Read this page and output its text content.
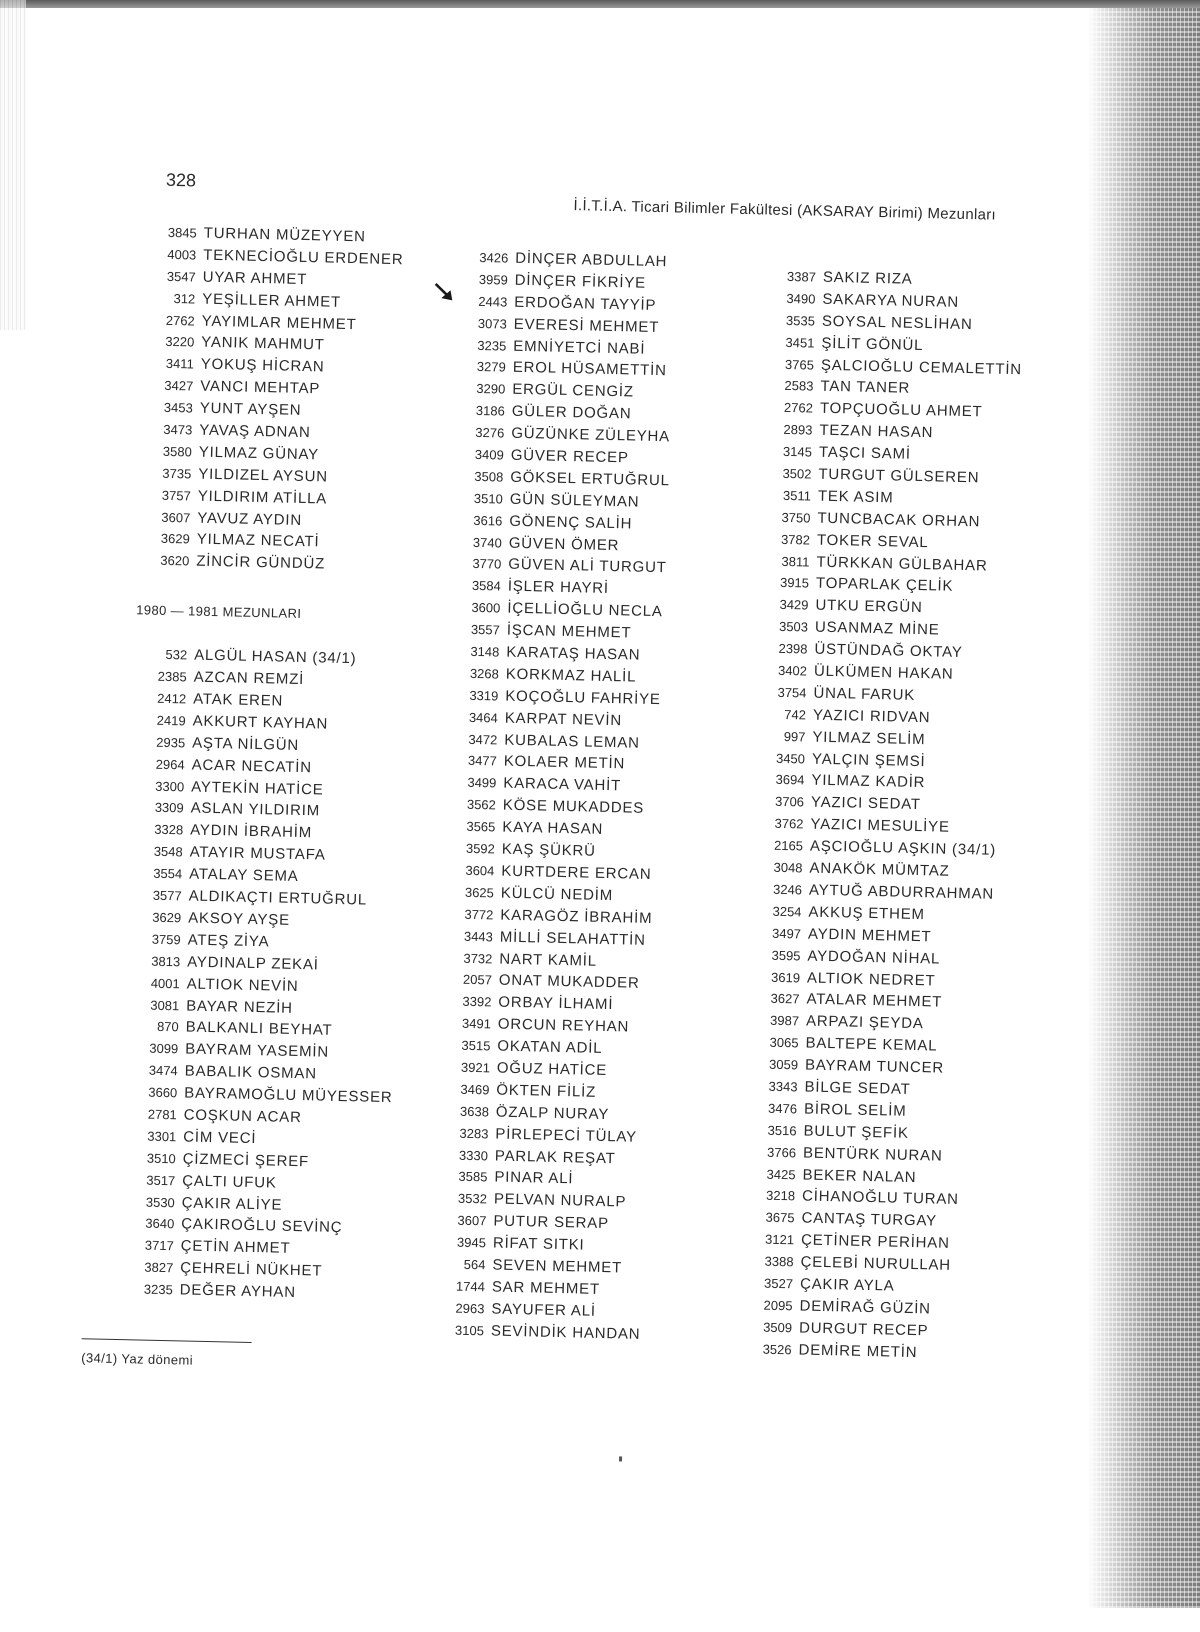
328
İ.İ.T.İ.A. Ticari Bilimler Fakültesi (AKSARAY Birimi) Mezunları
3845 TURHAN MÜZEYYEN
4003 TEKNECİOĞLU ERDENER
3547 UYAR AHMET
312 YEŞİLLER AHMET
2762 YAYIMLAR MEHMET
3220 YANIK MAHMUT
3411 YOKUŞ HİCRAN
3427 VANCI MEHTAP
3453 YUNT AYŞEN
3473 YAVAŞ ADNAN
3580 YILMAZ GÜNAY
3735 YILDIZEL AYSUN
3757 YILDIRIM ATİLLA
3607 YAVUZ AYDIN
3629 YILMAZ NECATİ
3620 ZİNCİR GÜNDÜZ
1980 — 1981 MEZUNLARI
532 ALGÜL HASAN (34/1)
2385 AZCAN REMZİ
2412 ATAK EREN
2419 AKKURT KAYHAN
2935 AŞTA NİLGÜN
2964 ACAR NECATİN
3300 AYTEKİN HATİCE
3309 ASLAN YILDIRIM
3328 AYDIN İBRAHİM
3548 ATAYIR MUSTAFA
3554 ATALAY SEMA
3577 ALDIKAÇTI ERTUĞRUL
3629 AKSOY AYŞE
3759 ATEŞ ZİYA
3813 AYDINALP ZEKAİ
4001 ALTIOK NEVİN
3081 BAYAR NEZİH
870 BALKANLI BEYHAT
3099 BAYRAM YASEMİN
3474 BABALIK OSMAN
3660 BAYRAMOĞLU MÜYESSER
2781 COŞKUN ACAR
3301 CİM VECİ
3510 ÇİZMECİ ŞEREF
3517 ÇALTI UFUK
3530 ÇAKIR ALİYE
3640 ÇAKIROĞLU SEVİNÇ
3717 ÇETİN AHMET
3827 ÇEHRELİ NÜKHET
3235 DEĞER AYHAN
3426 DİNÇER ABDULLAH
3959 DİNÇER FİKRİYE
2443 ERDOĞAN TAYYİP
3073 EVERESİ MEHMET
3235 EMNİYETCİ NABİ
3279 EROL HÜSAMETTİN
3290 ERGÜL CENGİZ
3186 GÜLER DOĞAN
3276 GÜZÜNKE ZÜLEYHA
3409 GÜVER RECEP
3508 GÖKSEL ERTUĞRUL
3510 GÜN SÜLEYMAN
3616 GÖNENÇ SALİH
3740 GÜVEN ÖMER
3770 GÜVEN ALİ TURGUT
3584 İŞLER HAYRİ
3600 İÇELLİOĞLU NECLA
3557 İŞCAN MEHMET
3148 KARATAŞ HASAN
3268 KORKMAZ HALİL
3319 KOÇOĞLU FAHRİYE
3464 KARPAT NEVİN
3472 KUBALAS LEMAN
3477 KOLAER METİN
3499 KARACA VAHİT
3562 KÖSE MUKADDES
3565 KAYA HASAN
3592 KAŞ ŞÜKRÜ
3604 KURTDERE ERCAN
3625 KÜLCÜ NEDİM
3772 KARAGÖZ İBRAHİM
3443 MİLLİ SELAHATTİN
3732 NART KAMİL
2057 ONAT MUKADDER
3392 ORBAY İLHAMİ
3491 ORCUN REYHAN
3515 OKATAN ADİL
3921 OĞUZ HATİCE
3469 ÖKTEN FİLİZ
3638 ÖZALP NURAY
3283 PİRLEPECİ TÜLAY
3330 PARLAK REŞAT
3585 PINAR ALİ
3532 PELVAN NURALP
3607 PUTUR SERAP
3945 RİFAT SITKI
564 SEVEN MEHMET
1744 SAR MEHMET
2963 SAYUFER ALİ
3105 SEVİNDİK HANDAN
3387 SAKIZ RIZA
3490 SAKARYA NURAN
3535 SOYSAL NESLİHAN
3451 ŞİLİT GÖNÜL
3765 ŞALCIOĞLU CEMALETTİN
2583 TAN TANER
2762 TOPÇUOĞLU AHMET
2893 TEZAN HASAN
3145 TAŞCI SAMİ
3502 TURGUT GÜLSEREN
3511 TEK ASIM
3750 TUNCBACAK ORHAN
3782 TOKER SEVAL
3811 TÜRKKAN GÜLBAHAR
3915 TOPARLAK ÇELİK
3429 UTKU ERGÜN
3503 USANMAZ MİNE
2398 ÜSTÜNDAĞ OKTAY
3402 ÜLKÜMEN HAKAN
3754 ÜNAL FARUK
742 YAZICI RIDVAN
997 YILMAZ SELİM
3450 YALÇIN ŞEMSİ
3694 YILMAZ KADİR
3706 YAZICI SEDAT
3762 YAZICI MESULİYE
2165 AŞCIOĞLU AŞKIN (34/1)
3048 ANAKÖK MÜMTAZ
3246 AYTUĞ ABDURRAHMAN
3254 AKKUŞ ETHEM
3497 AYDIN MEHMET
3595 AYDOĞAN NİHAL
3619 ALTIOK NEDRET
3627 ATALAR MEHMET
3987 ARPAZI ŞEYDA
3065 BALTEPE KEMAL
3059 BAYRAM TUNCER
3343 BİLGE SEDAT
3476 BİROL SELİM
3516 BULUT ŞEFİK
3766 BENTÜRK NURAN
3425 BEKER NALAN
3218 CİHANOĞLU TURAN
3675 CANTAŞ TURGAY
3121 ÇETİNER PERİHAN
3388 ÇELEBİ NURULLAH
3527 ÇAKIR AYLA
2095 DEMİRAĞ GÜZİN
3509 DURGUT RECEP
3526 DEMİRE METİN
(34/1) Yaz dönemi
